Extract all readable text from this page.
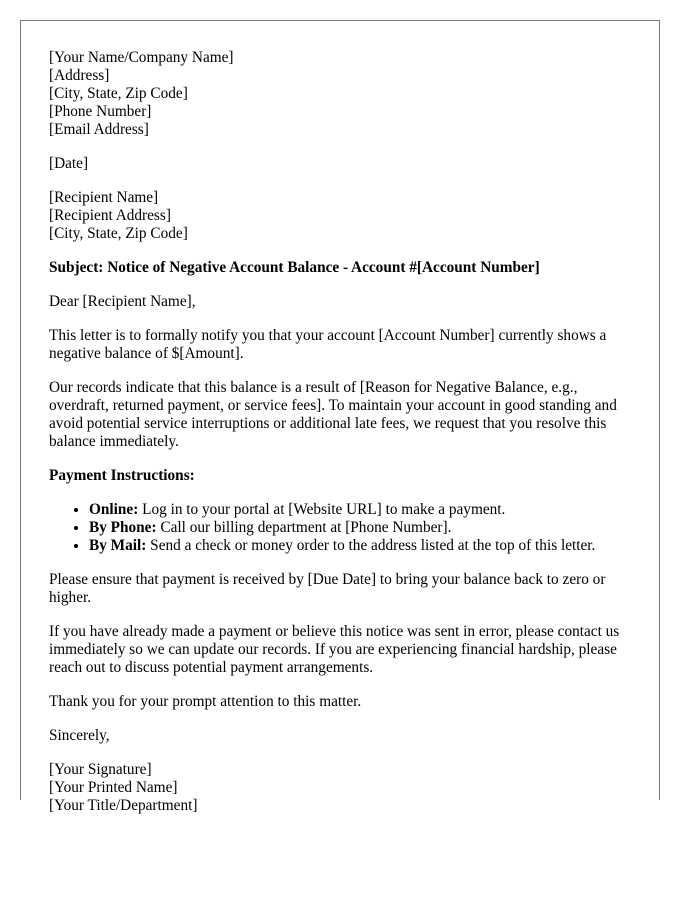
[Your Name/Company Name]
[Address]
[City, State, Zip Code]
[Phone Number]
[Email Address]
[Date]
[Recipient Name]
[Recipient Address]
[City, State, Zip Code]

Subject: Notice of Negative Account Balance - Account #[Account Number]

Dear [Recipient Name],

This letter is to formally notify you that your account [Account Number] currently shows a negative balance of $[Amount].

Our records indicate that this balance is a result of [Reason for Negative Balance, e.g., overdraft, returned payment, or service fees]. To maintain your account in good standing and avoid potential service interruptions or additional late fees, we request that you resolve this balance immediately.

Payment Instructions:

• Online: Log in to your portal at [Website URL] to make a payment.
• By Phone: Call our billing department at [Phone Number].
• By Mail: Send a check or money order to the address listed at the top of this letter.

Please ensure that payment is received by [Due Date] to bring your balance back to zero or higher.

If you have already made a payment or believe this notice was sent in error, please contact us immediately so we can update our records. If you are experiencing financial hardship, please reach out to discuss potential payment arrangements.

Thank you for your prompt attention to this matter.

Sincerely,

[Your Signature]
[Your Printed Name]
[Your Title/Department]
